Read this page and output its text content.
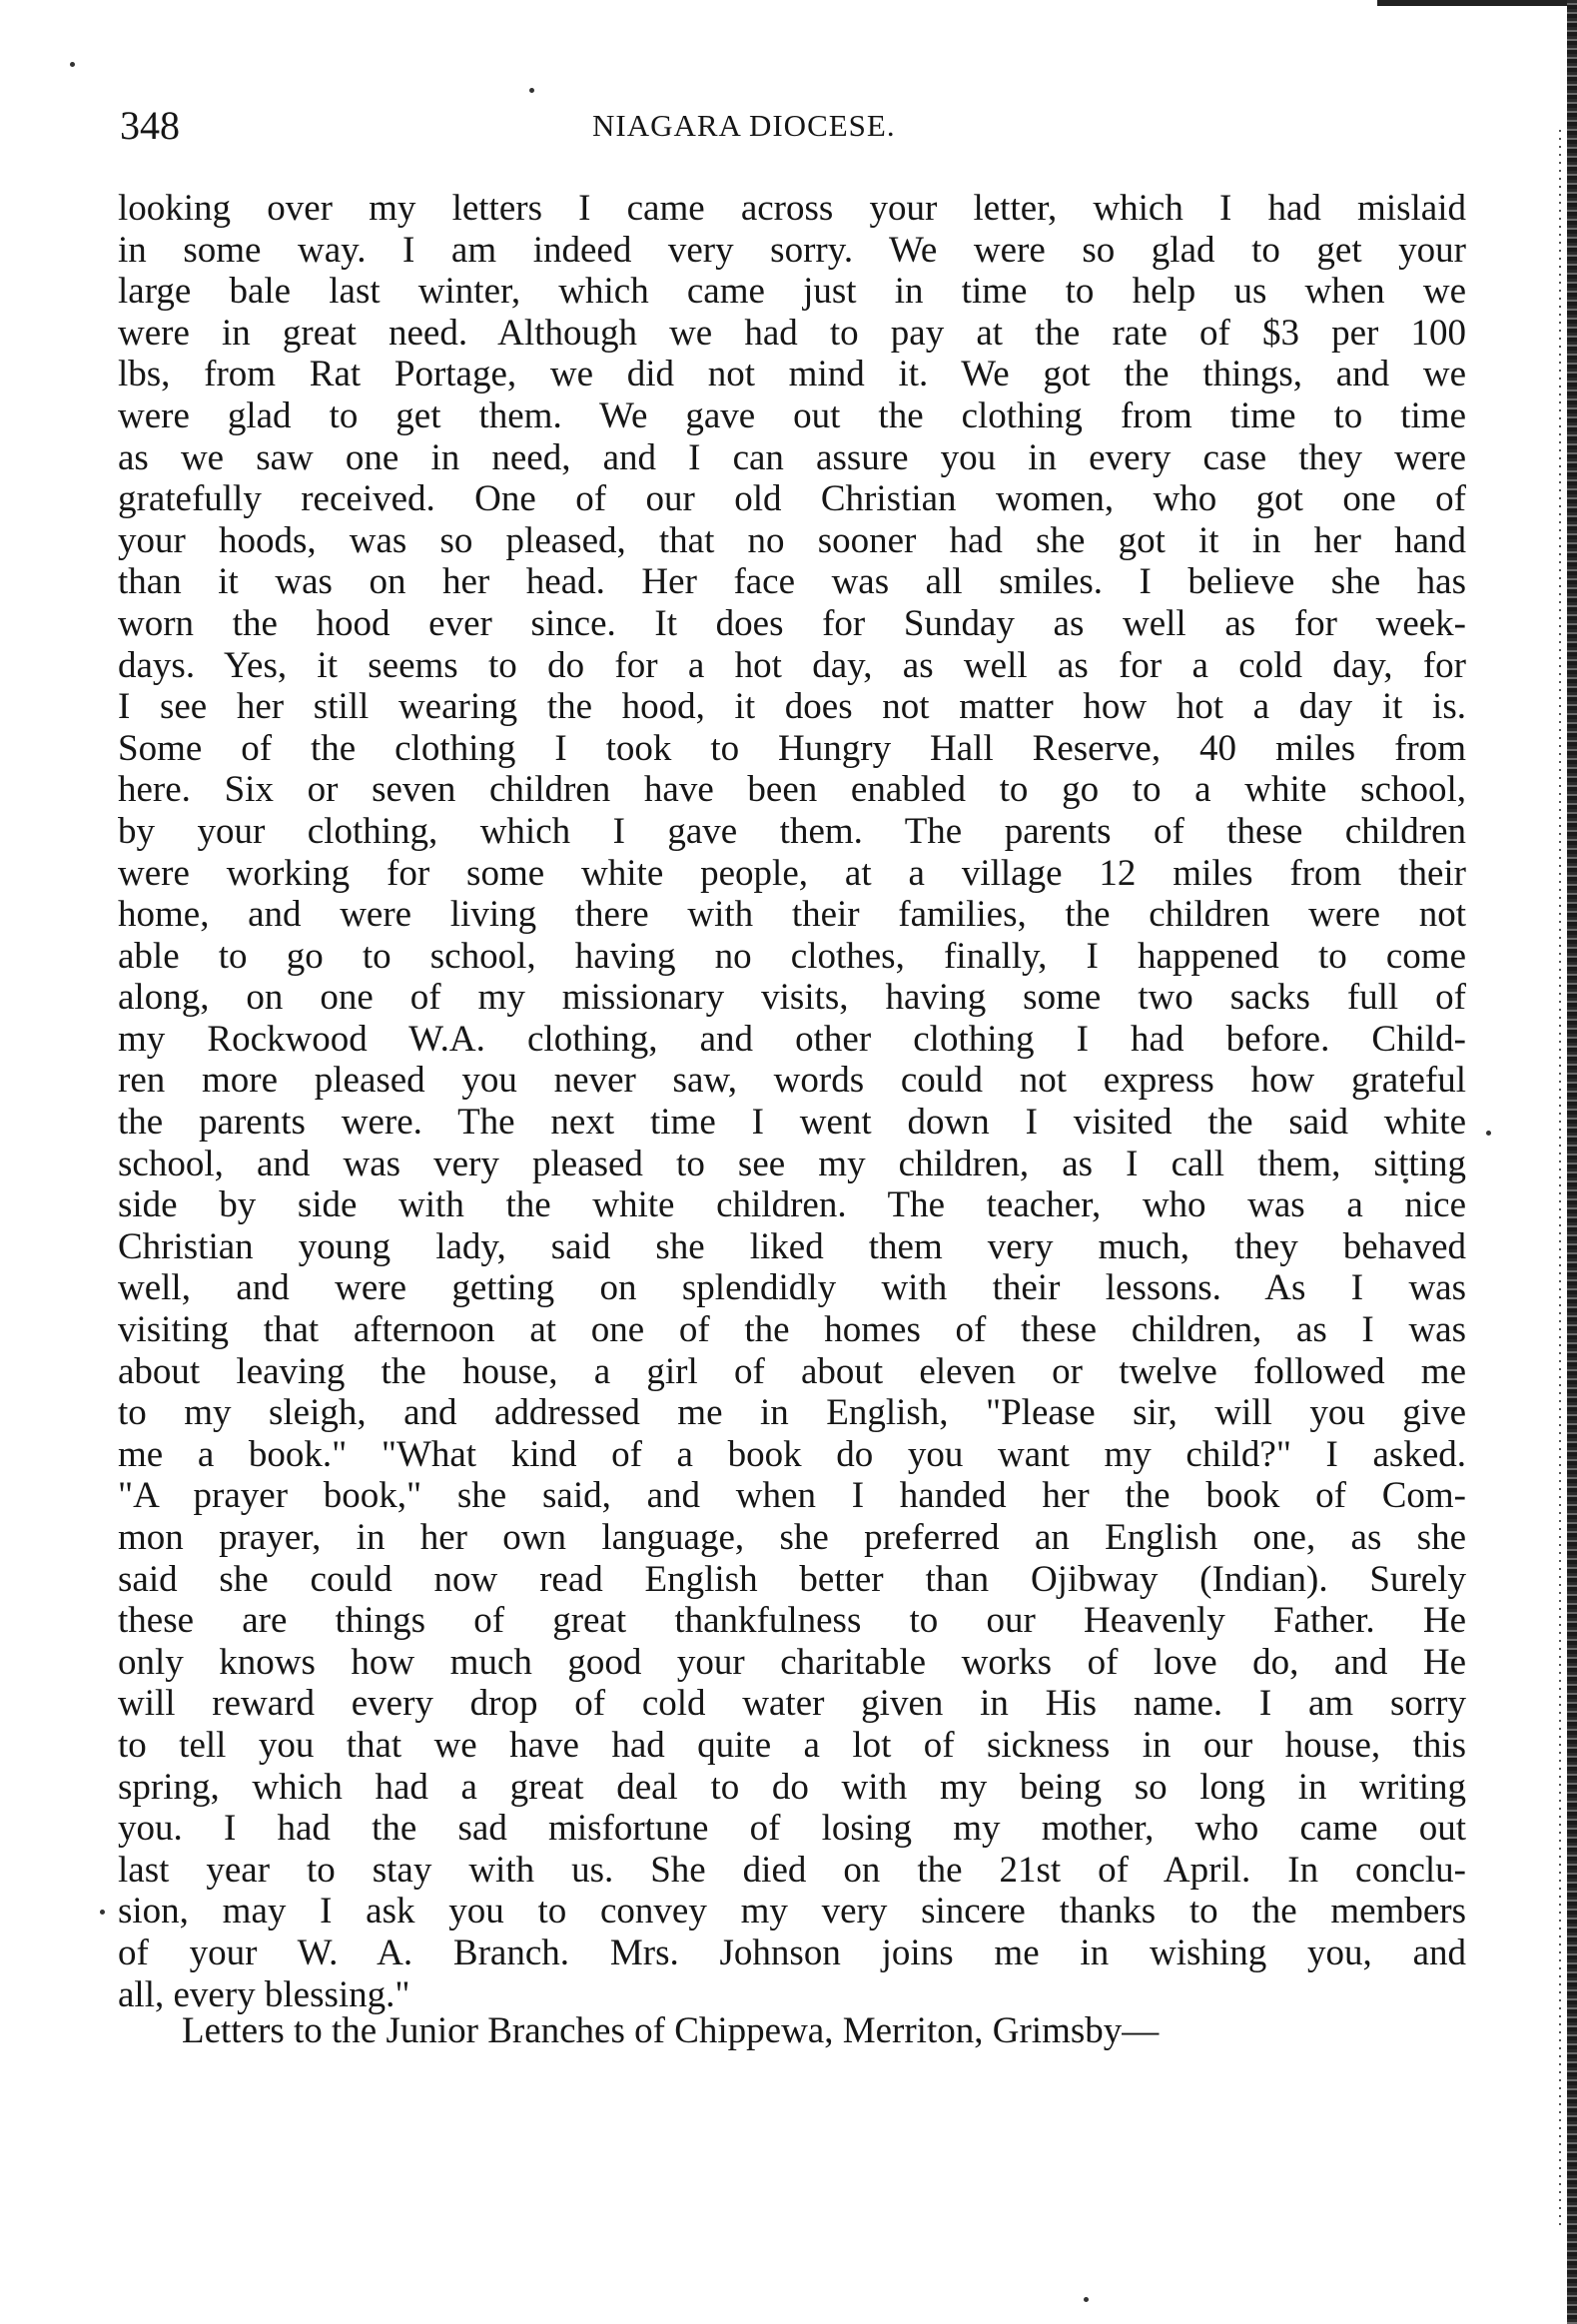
348	NIAGARA DIOCESE.
looking over my letters I came across your letter, which I had mislaid
in some way. I am indeed very sorry. We were so glad to get your
large bale last winter, which came just in time to help us when we
were in great need. Although we had to pay at the rate of $3 per 100
lbs, from Rat Portage, we did not mind it. We got the things, and we
were glad to get them. We gave out the clothing from time to time
as we saw one in need, and I can assure you in every case they were
gratefully received. One of our old Christian women, who got one of
your hoods, was so pleased, that no sooner had she got it in her hand
than it was on her head. Her face was all smiles. I believe she has
worn the hood ever since. It does for Sunday as well as for week-
days. Yes, it seems to do for a hot day, as well as for a cold day, for
I see her still wearing the hood, it does not matter how hot a day it is.
Some of the clothing I took to Hungry Hall Reserve, 40 miles from
here. Six or seven children have been enabled to go to a white school,
by your clothing, which I gave them. The parents of these children
were working for some white people, at a village 12 miles from their
home, and were living there with their families, the children were not
able to go to school, having no clothes, finally, I happened to come
along, on one of my missionary visits, having some two sacks full of
my Rockwood W.A. clothing, and other clothing I had before. Child-
ren more pleased you never saw, words could not express how grateful
the parents were. The next time I went down I visited the said white
school, and was very pleased to see my children, as I call them, sitting
side by side with the white children. The teacher, who was a nice
Christian young lady, said she liked them very much, they behaved
well, and were getting on splendidly with their lessons. As I was
visiting that afternoon at one of the homes of these children, as I was
about leaving the house, a girl of about eleven or twelve followed me
to my sleigh, and addressed me in English, "Please sir, will you give
me a book." "What kind of a book do you want my child?" I asked.
"A prayer book," she said, and when I handed her the book of Com-
mon prayer, in her own language, she preferred an English one, as she
said she could now read English better than Ojibway (Indian). Surely
these are things of great thankfulness to our Heavenly Father. He
only knows how much good your charitable works of love do, and He
will reward every drop of cold water given in His name. I am sorry
to tell you that we have had quite a lot of sickness in our house, this
spring, which had a great deal to do with my being so long in writing
you. I had the sad misfortune of losing my mother, who came out
last year to stay with us. She died on the 21st of April. In conclu-
sion, may I ask you to convey my very sincere thanks to the members
of your W. A. Branch. Mrs. Johnson joins me in wishing you, and
all, every blessing."
Letters to the Junior Branches of Chippewa, Merriton, Grimsby—
